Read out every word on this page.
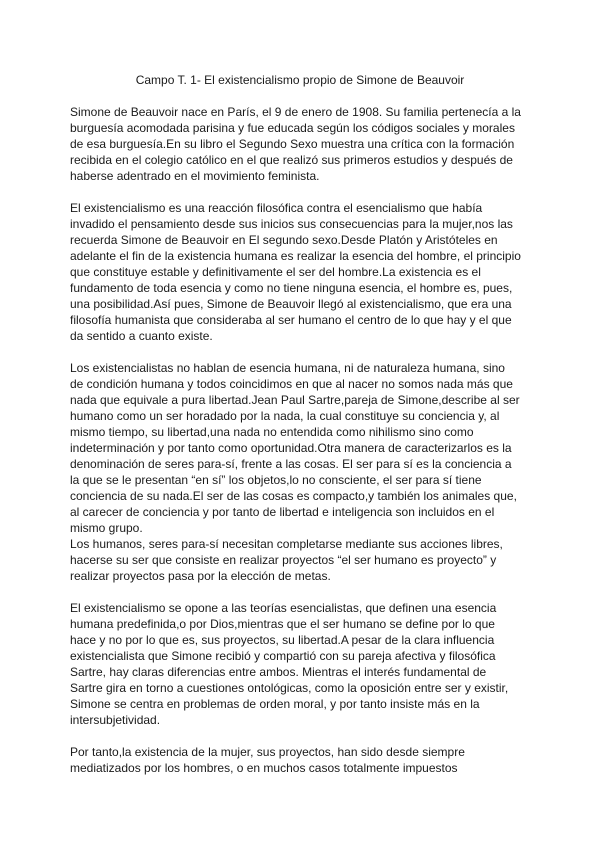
Campo T. 1- El existencialismo propio de Simone de Beauvoir
Simone de Beauvoir nace en París, el 9 de enero de 1908. Su familia pertenecía a la
burguesía acomodada parisina y fue educada según los códigos sociales y morales
de esa burguesía.En su libro el Segundo Sexo muestra una crítica con la formación
recibida en el colegio católico en el que realizó sus primeros estudios y después de
haberse adentrado en el movimiento feminista.
El existencialismo es una reacción filosófica contra el esencialismo que había
invadido el pensamiento desde sus inicios sus consecuencias para la mujer,nos las
recuerda Simone de Beauvoir en El segundo sexo.Desde Platón y Aristóteles en
adelante el fin de la existencia humana es realizar la esencia del hombre, el principio
que constituye estable y definitivamente el ser del hombre.La existencia es el
fundamento de toda esencia y como no tiene ninguna esencia, el hombre es, pues,
una posibilidad.Así pues, Simone de Beauvoir llegó al existencialismo, que era una
filosofía humanista que consideraba al ser humano el centro de lo que hay y el que
da sentido a cuanto existe.
Los existencialistas no hablan de esencia humana, ni de naturaleza humana, sino
de condición humana y todos coincidimos en que al nacer no somos nada más que
nada que equivale a pura libertad.Jean Paul Sartre,pareja de Simone,describe al ser
humano como un ser horadado por la nada, la cual constituye su conciencia y, al
mismo tiempo, su libertad,una nada no entendida como nihilismo sino como
indeterminación y por tanto como oportunidad.Otra manera de caracterizarlos es la
denominación de seres para-sí, frente a las cosas. El ser para sí es la conciencia a
la que se le presentan “en sí” los objetos,lo no consciente, el ser para sí tiene
conciencia de su nada.El ser de las cosas es compacto,y también los animales que,
al carecer de conciencia y por tanto de libertad e inteligencia son incluidos en el
mismo grupo.
Los humanos, seres para-sí necesitan completarse mediante sus acciones libres,
hacerse su ser que consiste en realizar proyectos “el ser humano es proyecto” y
realizar proyectos pasa por la elección de metas.
El existencialismo se opone a las teorías esencialistas, que definen una esencia
humana predefinida,o por Dios,mientras que el ser humano se define por lo que
hace y no por lo que es, sus proyectos, su libertad.A pesar de la clara influencia
existencialista que Simone recibió y compartió con su pareja afectiva y filosófica
Sartre, hay claras diferencias entre ambos. Mientras el interés fundamental de
Sartre gira en torno a cuestiones ontológicas, como la oposición entre ser y existir,
Simone se centra en problemas de orden moral, y por tanto insiste más en la
intersubjetividad.
Por tanto,la existencia de la mujer, sus proyectos, han sido desde siempre
mediatizados por los hombres, o en muchos casos totalmente impuestos
